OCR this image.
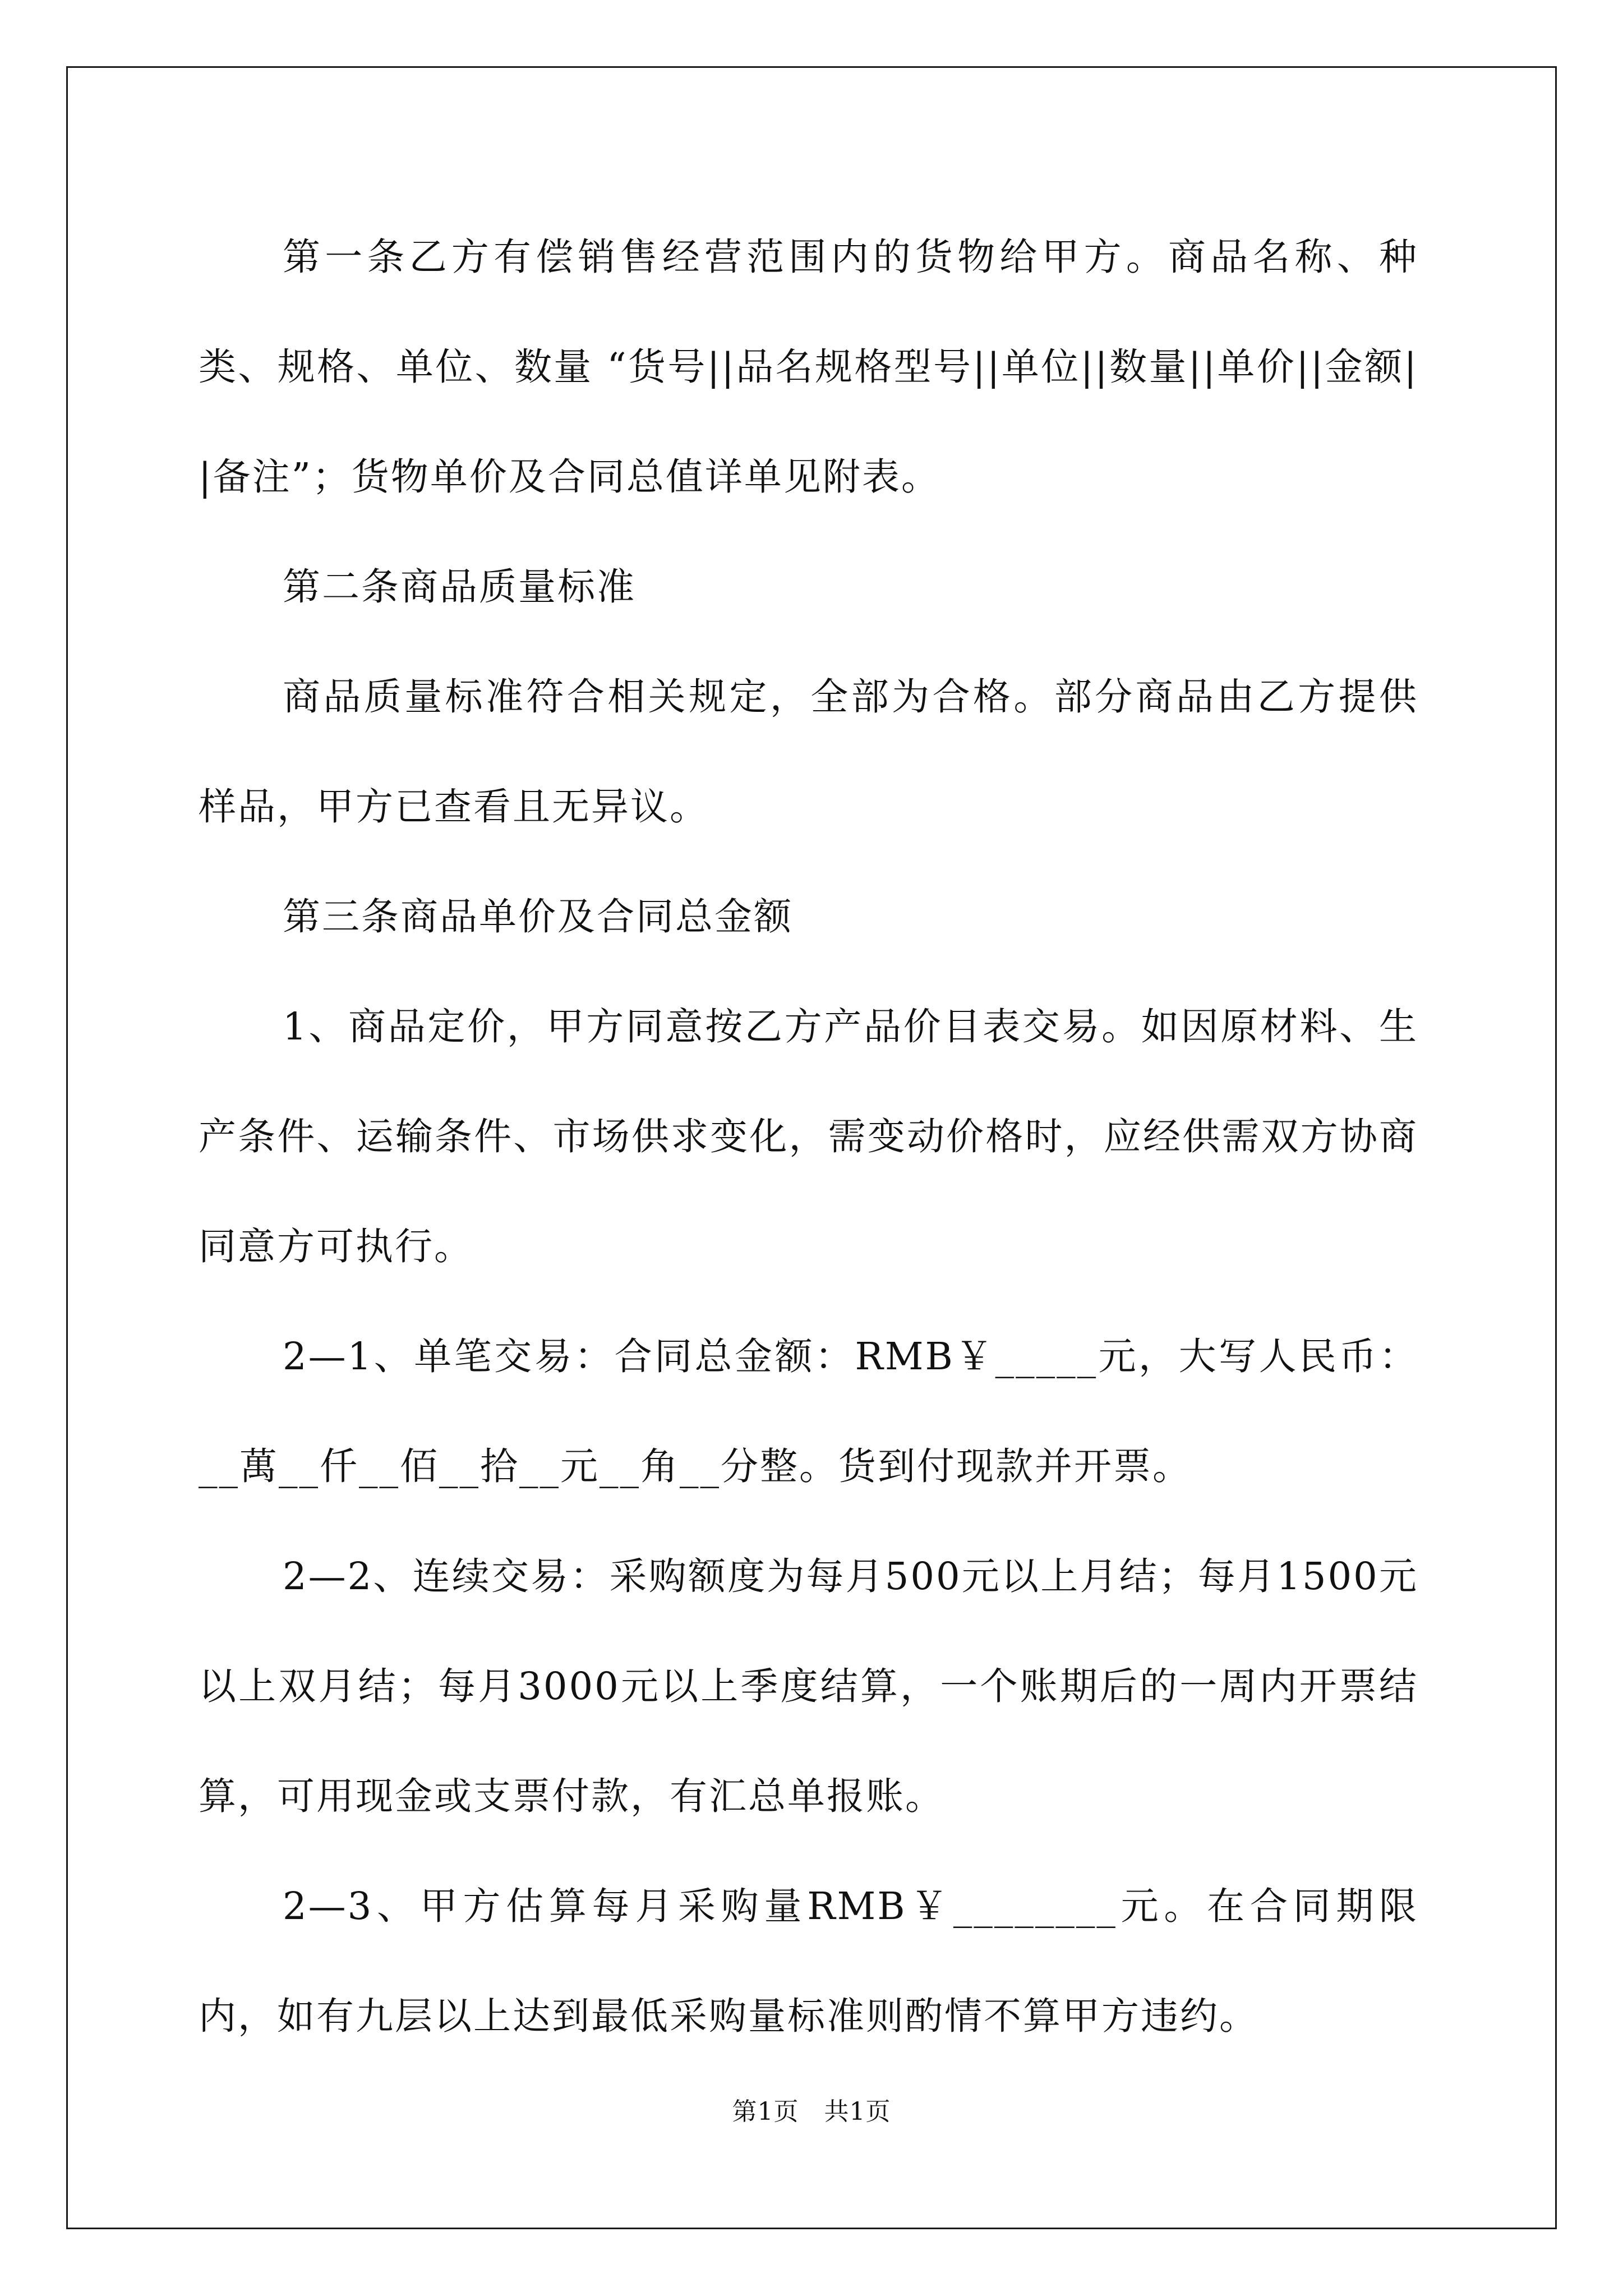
第一条乙方有偿销售经营范围内的货物给甲方。商品名称、种类、规格、单位、数量 “货号||品名规格型号||单位||数量||单价||金额||备注”；货物单价及合同总值详单见附表。

第二条商品质量标准

商品质量标准符合相关规定，全部为合格。部分商品由乙方提供样品，甲方已查看且无异议。

第三条商品单价及合同总金额

1、商品定价，甲方同意按乙方产品价目表交易。如因原材料、生产条件、运输条件、市场供求变化，需变动价格时，应经供需双方协商同意方可执行。

2—1、单笔交易：合同总金额：RMB￥_____元，大写人民币：__萬__仟__佰__拾__元__角__分整。货到付现款并开票。

2—2、连续交易：采购额度为每月500元以上月结；每月1500元以上双月结；每月3000元以上季度结算，一个账期后的一周内开票结算，可用现金或支票付款，有汇总单报账。

2—3、甲方估算每月采购量RMB￥________元。在合同期限内，如有九层以上达到最低采购量标准则酌情不算甲方违约。

第1页　共1页
